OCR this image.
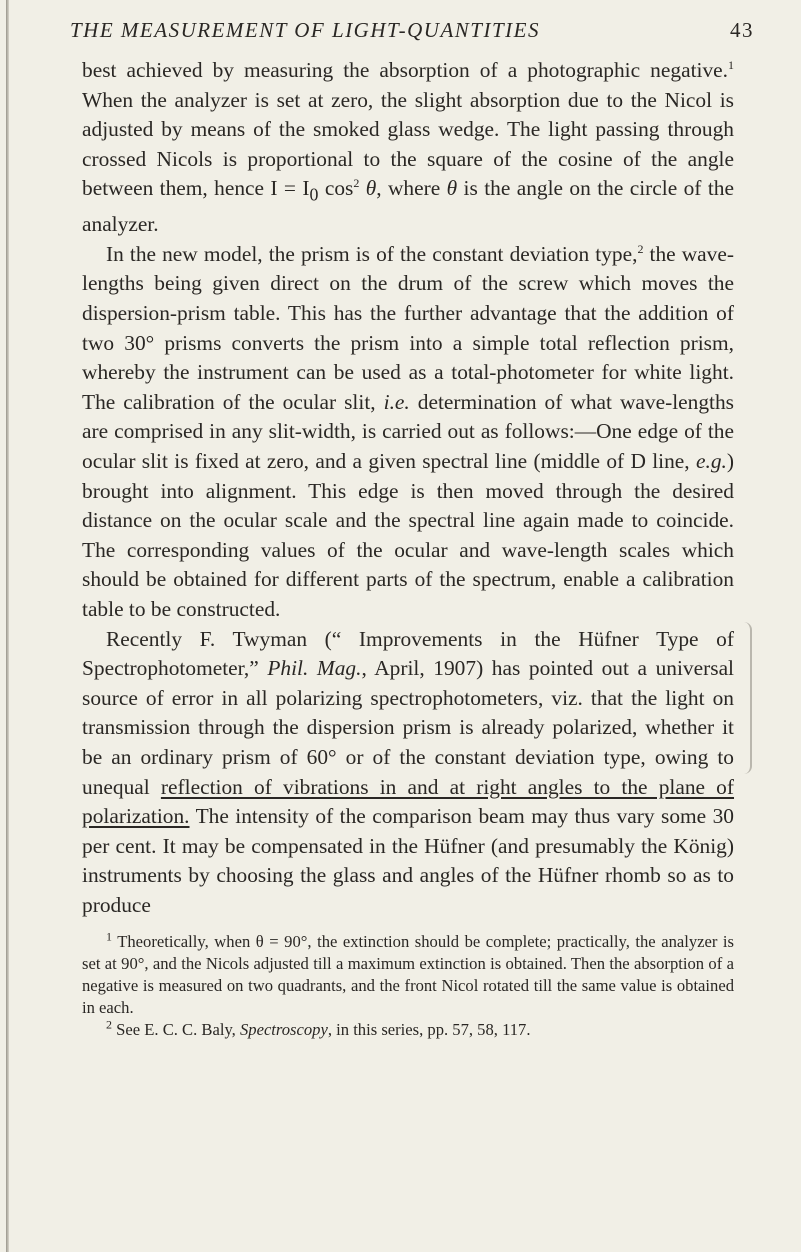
THE MEASUREMENT OF LIGHT-QUANTITIES	43

best achieved by measuring the absorption of a photographic negative.$^1$ When the analyzer is set at zero, the slight absorption due to the Nicol is adjusted by means of the smoked glass wedge. The light passing through crossed Nicols is proportional to the square of the cosine of the angle between them, hence $I = I_0$ $\cos^2 \theta$, where θ is the angle on the circle of the analyzer.

In the new model, the prism is of the constant deviation type,$^2$ the wave-lengths being given direct on the drum of the screw which moves the dispersion-prism table. This has the further advantage that the addition of two 30° prisms converts the prism into a simple total reflection prism, whereby the instrument can be used as a total-photometer for white light. The calibration of the ocular slit, i.e. determination of what wave-lengths are comprised in any slit-width, is carried out as follows:—One edge of the ocular slit is fixed at zero, and a given spectral line (middle of D line, e.g.) brought into alignment. This edge is then moved through the desired distance on the ocular scale and the spectral line again made to coincide. The corresponding values of the ocular and wave-length scales which should be obtained for different parts of the spectrum, enable a calibration table to be constructed.

Recently F. Twyman (“ Improvements in the Hüfner Type of Spectrophotometer,” Phil. Mag., April, 1907) has pointed out a universal source of error in all polarizing spectrophotometers, viz. that the light on transmission through the dispersion prism is already polarized, whether it be an ordinary prism of 60° or of the constant deviation type, owing to unequal reflection of vibrations in and at right angles to the plane of polarization. The intensity of the comparison beam may thus vary some 30 per cent. It may be compensated in the Hüfner (and presumably the König) instruments by choosing the glass and angles of the Hüfner rhomb so as to produce

$^1$ Theoretically, when θ = 90°, the extinction should be complete; practically, the analyzer is set at 90°, and the Nicols adjusted till a maximum extinction is obtained. Then the absorption of a negative is measured on two quadrants, and the front Nicol rotated till the same value is obtained in each.

$^2$ See E. C. C. Baly, Spectroscopy, in this series, pp. 57, 58, 117.
